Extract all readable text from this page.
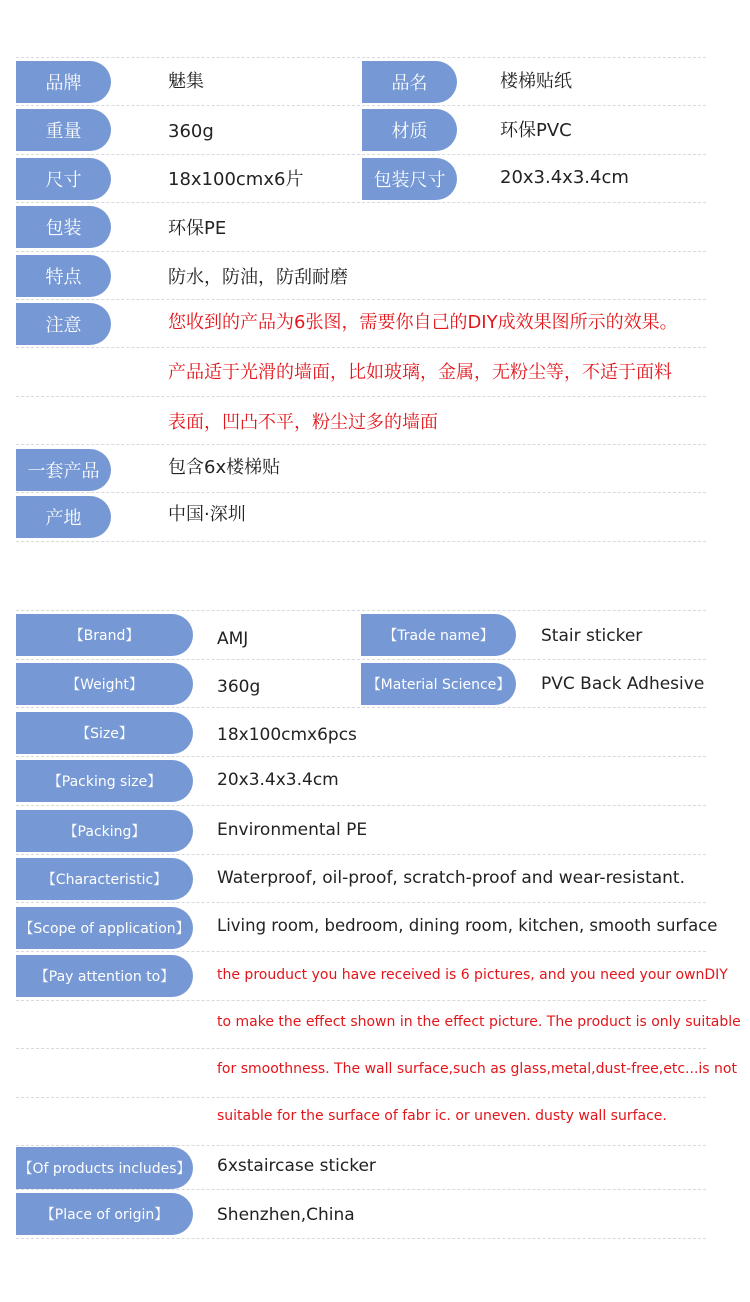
品牌	魅集	品名	楼梯贴纸
重量	360g	材质	环保PVC
尺寸	18x100cmx6片	包装尺寸	20x3.4x3.4cm
包装	环保PE
特点	防水，防油，防刮耐磨
注意	您收到的产品为6张图，需要你自己的DIY成效果图所示的效果。
产品适于光滑的墙面，比如玻璃，金属，无粉尘等，不适于面料
表面，凹凸不平，粉尘过多的墙面
一套产品	包含6x楼梯贴
产地	中国·深圳
【Brand】	AMJ	【Trade name】	Stair sticker
【Weight】	360g	【Material Science】	PVC Back Adhesive
【Size】	18x100cmx6pcs
【Packing size】	20x3.4x3.4cm
【Packing】	Environmental PE
【Characteristic】	Waterproof, oil-proof, scratch-proof and wear-resistant.
【Scope of application】 Living room, bedroom, dining room, kitchen, smooth surface
【Pay attention to】	the prouduct you have received is 6 pictures, and you need your ownDIY
to make the effect shown in the effect picture. The product is only suitable
for smoothness. The wall surface,such as glass,metal,dust-free,etc...is not
suitable for the surface of fabr ic. or uneven. dusty wall surface.
【Of products includes】 6xstaircase sticker
【Place of origin】	Shenzhen,China
